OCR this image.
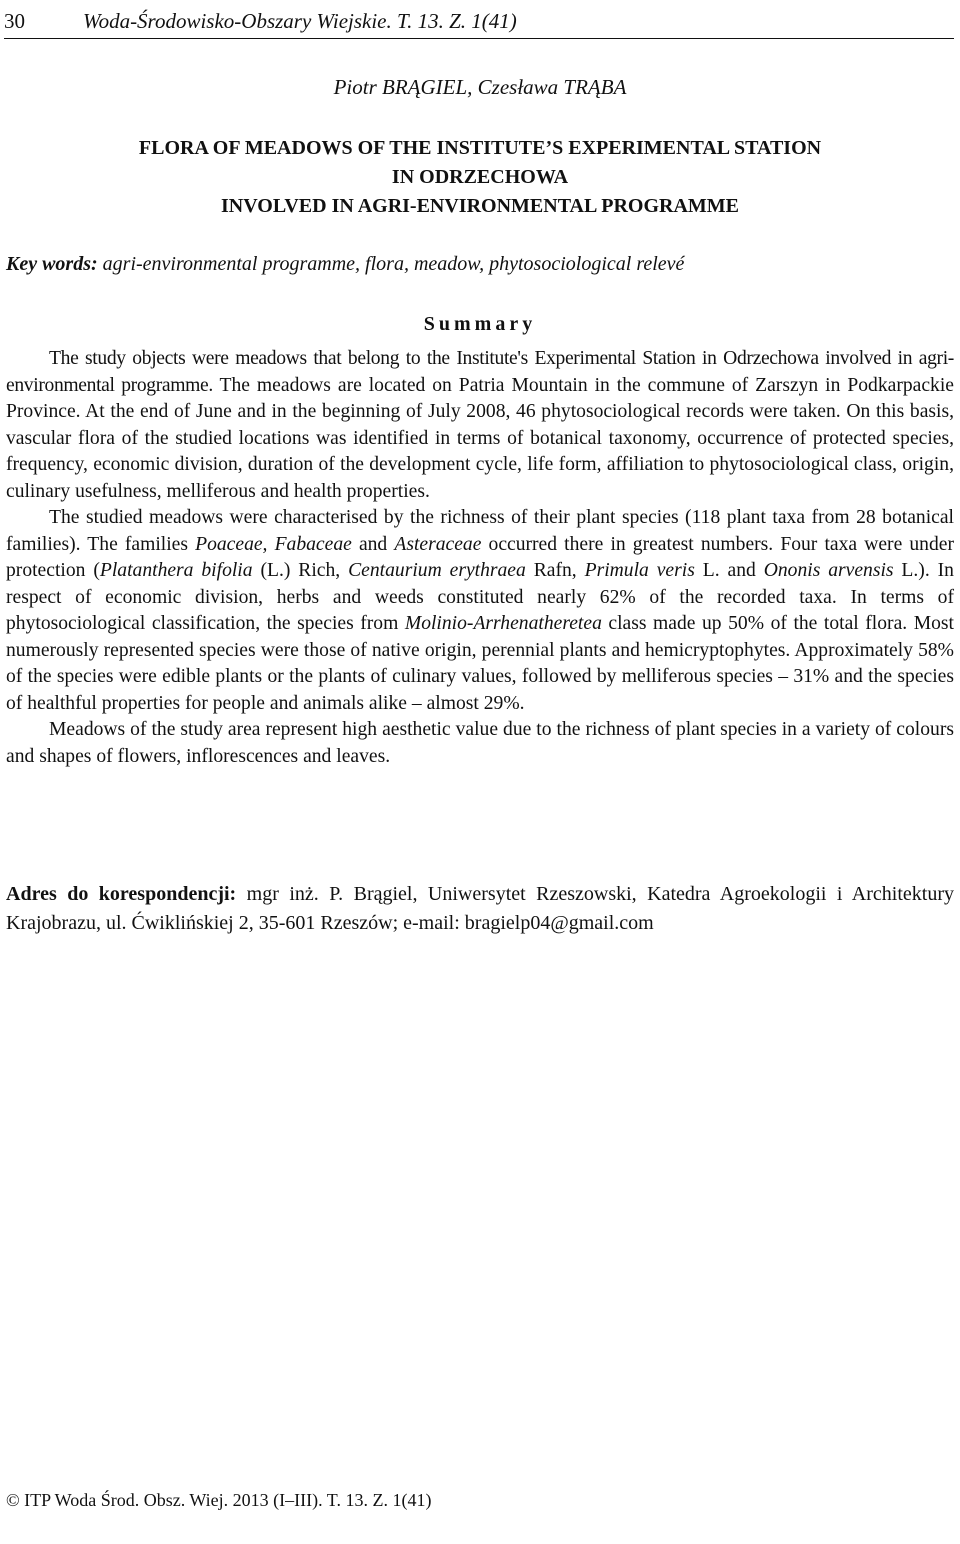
30	Woda-Środowisko-Obszary Wiejskie. T. 13. Z. 1(41)
Piotr BRĄGIEL, Czesława TRĄBA
FLORA OF MEADOWS OF THE INSTITUTE’S EXPERIMENTAL STATION
IN ODRZECHOWA
INVOLVED IN AGRI-ENVIRONMENTAL PROGRAMME
Key words: agri-environmental programme, flora, meadow, phytosociological relevé
Summary

The study objects were meadows that belong to the Institute's Experimental Station in Odrzechowa involved in agri-environmental programme. The meadows are located on Patria Mountain in the commune of Zarszyn in Podkarpackie Province. At the end of June and in the beginning of July 2008, 46 phytosociological records were taken. On this basis, vascular flora of the studied locations was identified in terms of botanical taxonomy, occurrence of protected species, frequency, economic division, duration of the development cycle, life form, affiliation to phytosociological class, origin, culinary usefulness, melliferous and health properties.

The studied meadows were characterised by the richness of their plant species (118 plant taxa from 28 botanical families). The families Poaceae, Fabaceae and Asteraceae occurred there in greatest numbers. Four taxa were under protection (Platanthera bifolia (L.) Rich, Centaurium erythraea Rafn, Primula veris L. and Ononis arvensis L.). In respect of economic division, herbs and weeds constituted nearly 62% of the recorded taxa. In terms of phytosociological classification, the species from Molinio-Arrhenatheretea class made up 50% of the total flora. Most numerously represented species were those of native origin, perennial plants and hemicryptophytes. Approximately 58% of the species were edible plants or the plants of culinary values, followed by melliferous species – 31% and the species of healthful properties for people and animals alike – almost 29%.

Meadows of the study area represent high aesthetic value due to the richness of plant species in a variety of colours and shapes of flowers, inflorescences and leaves.

Adres do korespondencji: mgr inż. P. Brągiel, Uniwersytet Rzeszowski, Katedra Agroekologii i Architektury Krajobrazu, ul. Ćwiklińskiej 2, 35-601 Rzeszów; e-mail: bragielp04@gmail.com
© ITP Woda Środ. Obsz. Wiej. 2013 (I–III). T. 13. Z. 1(41)
